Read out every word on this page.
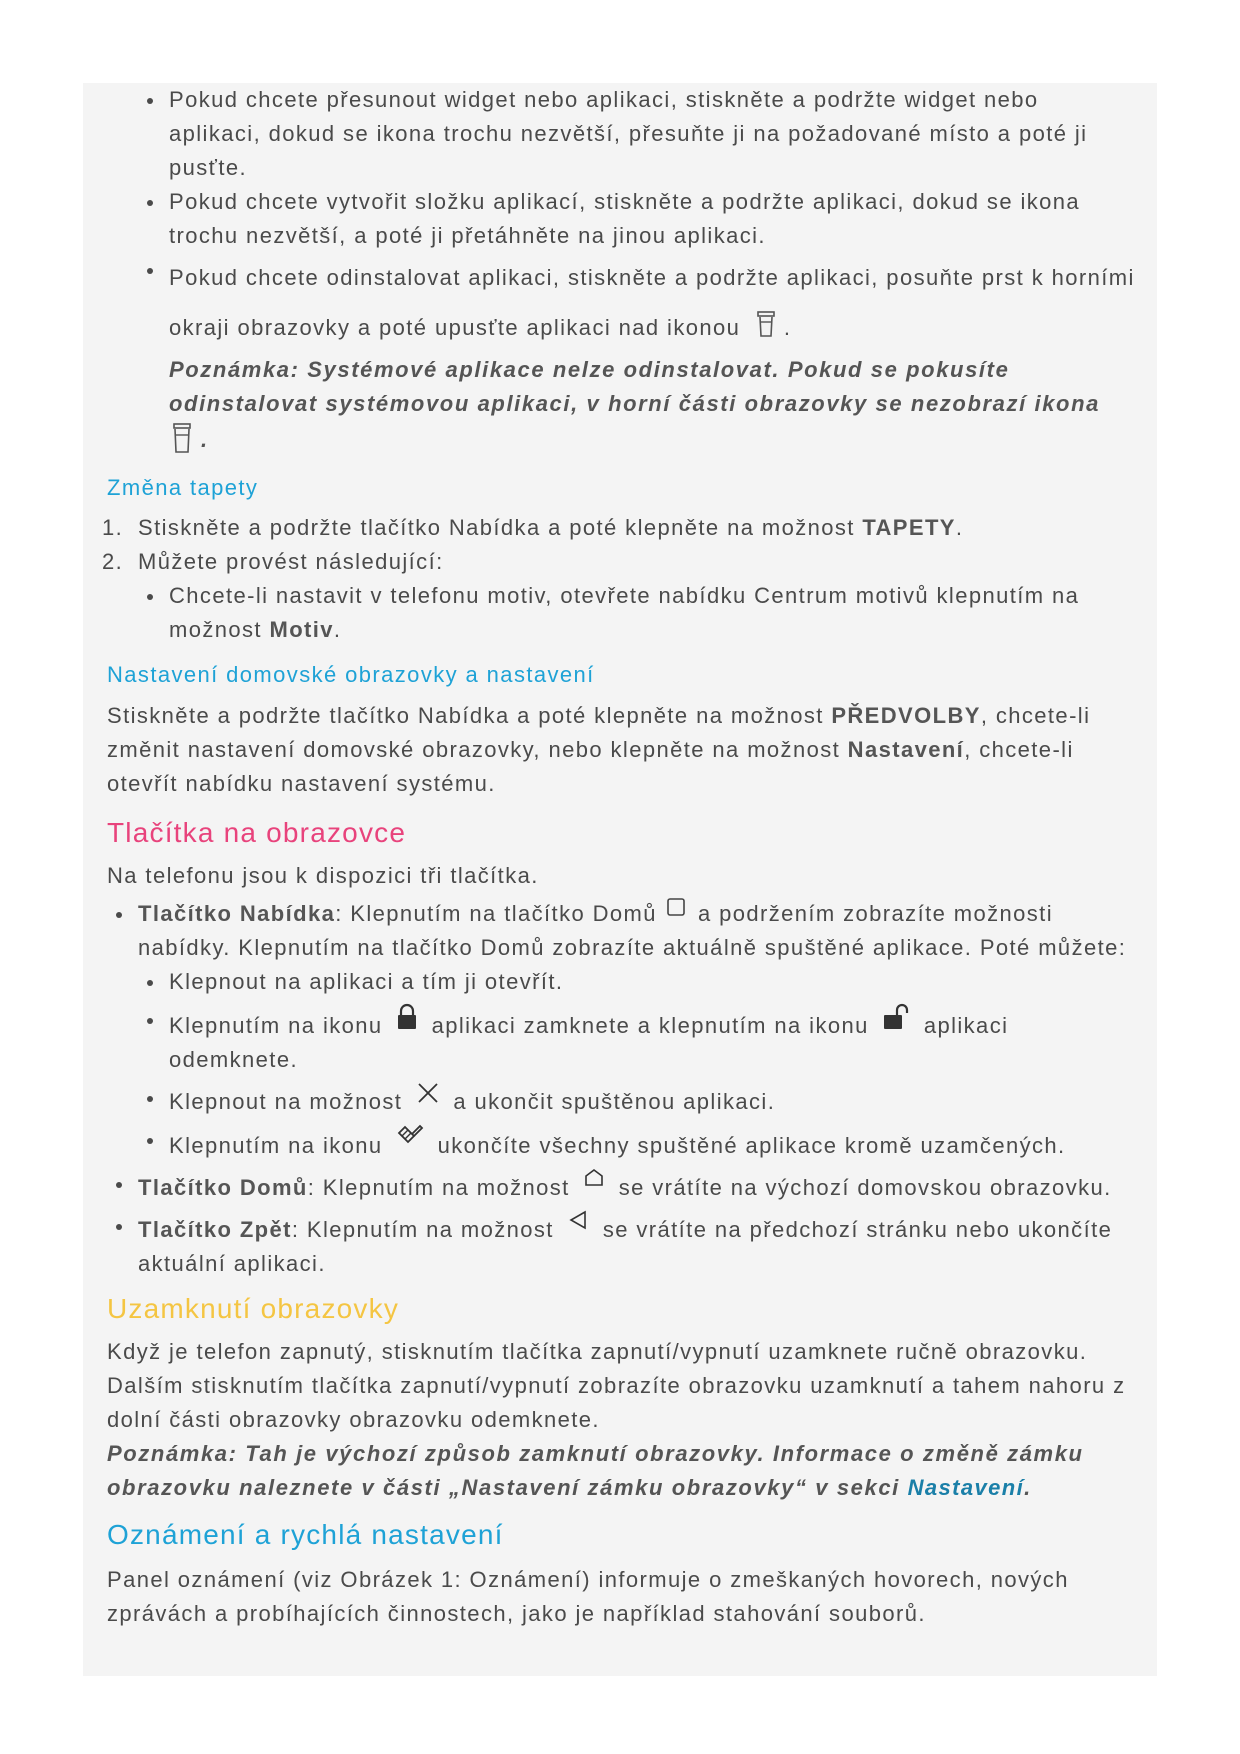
Pokud chcete přesunout widget nebo aplikaci, stiskněte a podržte widget nebo aplikaci, dokud se ikona trochu nezvětší, přesuňte ji na požadované místo a poté ji pusťte.
Pokud chcete vytvořit složku aplikací, stiskněte a podržte aplikaci, dokud se ikona trochu nezvětší, a poté ji přetáhněte na jinou aplikaci.
Pokud chcete odinstalovat aplikaci, stiskněte a podržte aplikaci, posuňte prst k horními okraji obrazovky a poté upusťte aplikaci nad ikonou .
Poznámka: Systémové aplikace nelze odinstalovat. Pokud se pokusíte odinstalovat systémovou aplikaci, v horní části obrazovky se nezobrazí ikona
.

Změna tapety

1. Stiskněte a podržte tlačítko Nabídka a poté klepněte na možnost TAPETY.
2. Můžete provést následující:
Chcete-li nastavit v telefonu motiv, otevřete nabídku Centrum motivů klepnutím na možnost Motiv.

Nastavení domovské obrazovky a nastavení

Stiskněte a podržte tlačítko Nabídka a poté klepněte na možnost PŘEDVOLBY, chcete-li změnit nastavení domovské obrazovky, nebo klepněte na možnost Nastavení, chcete-li otevřít nabídku nastavení systému.

Tlačítka na obrazovce

Na telefonu jsou k dispozici tři tlačítka.

Tlačítko Nabídka: Klepnutím na tlačítko Domů a podržením zobrazíte možnosti nabídky. Klepnutím na tlačítko Domů zobrazíte aktuálně spuštěné aplikace. Poté můžete:
Klepnout na aplikaci a tím ji otevřít.
Klepnutím na ikonu aplikaci zamknete a klepnutím na ikonu	aplikaci odemknete.
Klepnout na možnost a ukončit spuštěnou aplikaci.
Klepnutím na ikonu	ukončíte všechny spuštěné aplikace kromě uzamčených.
Tlačítko Domů: Klepnutím na možnost se vrátíte na výchozí domovskou obrazovku.
Tlačítko Zpět: Klepnutím na možnost se vrátíte na předchozí stránku nebo ukončíte aktuální aplikaci.
Uzamknutí obrazovky

Když je telefon zapnutý, stisknutím tlačítka zapnutí/vypnutí uzamknete ručně obrazovku. Dalším stisknutím tlačítka zapnutí/vypnutí zobrazíte obrazovku uzamknutí a tahem nahoru z dolní části obrazovky obrazovku odemknete.

Poznámka: Tah je výchozí způsob zamknutí obrazovky. Informace o změně zámku obrazovku naleznete v části „Nastavení zámku obrazovky“ v sekci Nastavení.

Oznámení a rychlá nastavení

Panel oznámení (viz Obrázek 1: Oznámení) informuje o zmeškaných hovorech, nových zprávách a probíhajících činnostech, jako je například stahování souborů.
